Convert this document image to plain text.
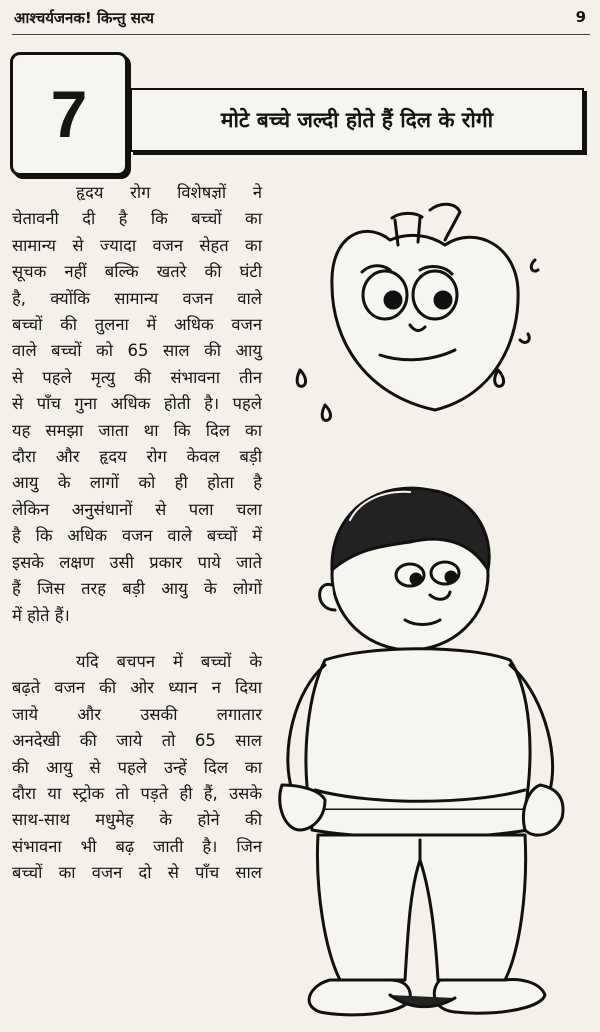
आश्चर्यजनक! किन्तु सत्य	9
7	मोटे बच्चे जल्दी होते हैं दिल के रोगी
हृदय रोग विशेषज्ञों ने
चेतावनी दी है कि बच्चों का
सामान्य से ज्यादा वजन सेहत का
सूचक नहीं बल्कि खतरे की घंटी
है, क्योंकि सामान्य वजन वाले
बच्चों की तुलना में अधिक वजन
वाले बच्चों को 65 साल की आयु
से पहले मृत्यु की संभावना तीन
से पाँच गुना अधिक होती है। पहले
यह समझा जाता था कि दिल का
दौरा और हृदय रोग केवल बड़ी
आयु के लागों को ही होता है
लेकिन अनुसंधानों से पला चला
है कि अधिक वजन वाले बच्चों में
इसके लक्षण उसी प्रकार पाये जाते
हैं जिस तरह बड़ी आयु के लोगों
में होते हैं।
यदि बचपन में बच्चों के
बढ़ते वजन की ओर ध्यान न दिया
जाये और उसकी लगातार
अनदेखी की जाये तो 65 साल
की आयु से पहले उन्हें दिल का
दौरा या स्ट्रोक तो पड़ते ही हैं, उसके
साथ-साथ मधुमेह के होने की
संभावना भी बढ़ जाती है। जिन
बच्चों का वजन दो से पाँच साल
